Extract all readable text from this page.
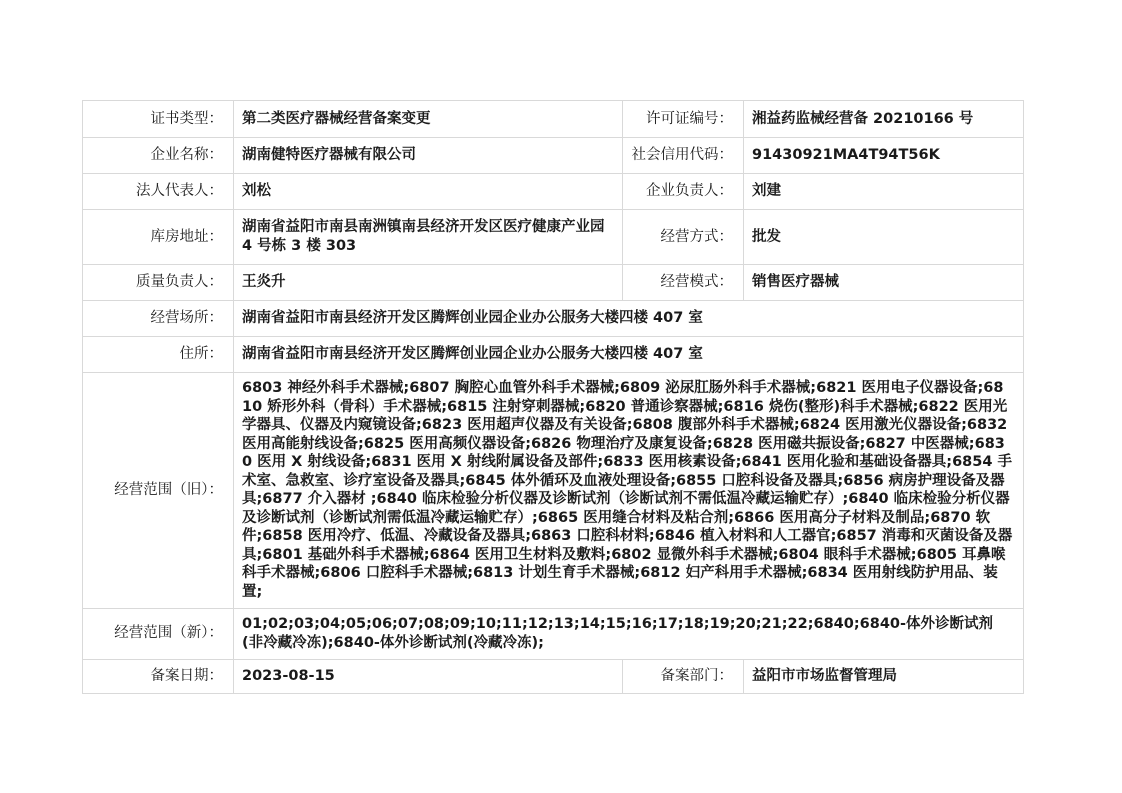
证书类型：	第二类医疗器械经营备案变更	许可证编号：	湘益药监械经营备 20210166 号
企业名称：	湖南健特医疗器械有限公司	社会信用代码：	91430921MA4T94T56K
法人代表人：	刘松	企业负责人：	刘建
库房地址：	湖南省益阳市南县南洲镇南县经济开发区医疗健康产业园 4 号栋 3 楼 303	经营方式：	批发
质量负责人：	王炎升	经营模式：	销售医疗器械
经营场所：	湖南省益阳市南县经济开发区腾辉创业园企业办公服务大楼四楼 407 室		
住所：	湖南省益阳市南县经济开发区腾辉创业园企业办公服务大楼四楼 407 室		
经营范围（旧）：	6803 神经外科手术器械;6807 胸腔心血管外科手术器械;6809 泌尿肛肠外科手术器械;6821 医用电子仪器设备;6810 矫形外科（骨科）手术器械;6815 注射穿刺器械;6820 普通诊察器械;6816 烧伤(整形)科手术器械;6822 医用光学器具、仪器及内窥镜设备;6823 医用超声仪器及有关设备;6808 腹部外科手术器械;6824 医用激光仪器设备;6832 医用高能射线设备;6825 医用高频仪器设备;6826 物理治疗及康复设备;6828 医用磁共振设备;6827 中医器械;6830 医用 X 射线设备;6831 医用 X 射线附属设备及部件;6833 医用核素设备;6841 医用化验和基础设备器具;6854 手术室、急救室、诊疗室设备及器具;6845 体外循环及血液处理设备;6855 口腔科设备及器具;6856 病房护理设备及器具;6877 介入器材 ;6840 临床检验分析仪器及诊断试剂（诊断试剂不需低温冷藏运输贮存）;6840 临床检验分析仪器及诊断试剂（诊断试剂需低温冷藏运输贮存）;6865 医用缝合材料及粘合剂;6866 医用高分子材料及制品;6870 软 件;6858 医用冷疗、低温、冷藏设备及器具;6863 口腔科材料;6846 植入材料和人工器官;6857 消毒和灭菌设备及器具;6801 基础外科手术器械;6864 医用卫生材料及敷料;6802 显微外科手术器械;6804 眼科手术器械;6805 耳鼻喉科手术器械;6806 口腔科手术器械;6813 计划生育手术器械;6812 妇产科用手术器械;6834 医用射线防护用品、装置;		
经营范围（新）：	01;02;03;04;05;06;07;08;09;10;11;12;13;14;15;16;17;18;19;20;21;22;6840;6840-体外诊断试剂(非冷藏冷冻);6840-体外诊断试剂(冷藏冷冻);		
备案日期：	2023-08-15	备案部门：	益阳市市场监督管理局
